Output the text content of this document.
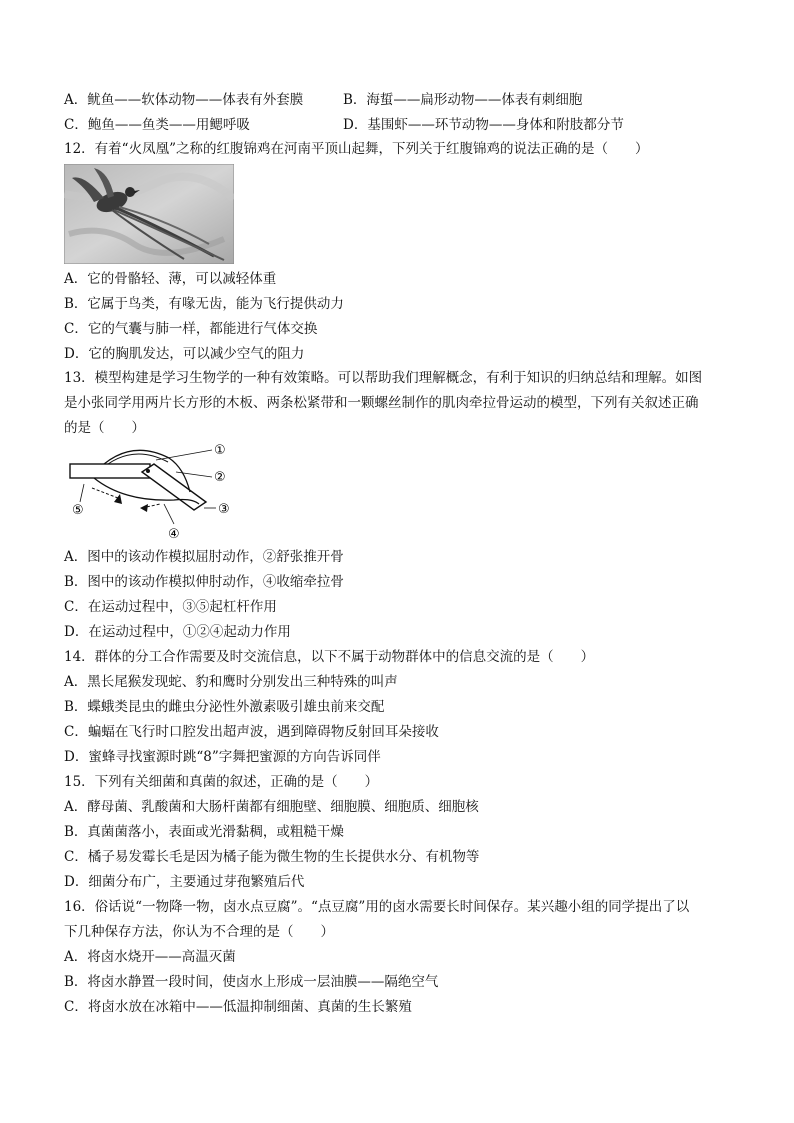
A．鱿鱼——软体动物——体表有外套膜	B．海蜇——扁形动物——体表有刺细胞
C．鲍鱼——鱼类——用鳃呼吸	D．基围虾——环节动物——身体和附肢都分节
12．有着“火凤凰”之称的红腹锦鸡在河南平顶山起舞，下列关于红腹锦鸡的说法正确的是（　　）
A．它的骨骼轻、薄，可以减轻体重
B．它属于鸟类，有喙无齿，能为飞行提供动力
C．它的气囊与肺一样，都能进行气体交换
D．它的胸肌发达，可以减少空气的阻力
13．模型构建是学习生物学的一种有效策略。可以帮助我们理解概念，有利于知识的归纳总结和理解。如图
是小张同学用两片长方形的木板、两条松紧带和一颗螺丝制作的肌肉牵拉骨运动的模型，下列有关叙述正确
的是（　　）
①
②
③
④
⑤
A．图中的该动作模拟屈肘动作，②舒张推开骨
B．图中的该动作模拟伸肘动作，④收缩牵拉骨
C．在运动过程中，③⑤起杠杆作用
D．在运动过程中，①②④起动力作用
14．群体的分工合作需要及时交流信息，以下不属于动物群体中的信息交流的是（　　）
A．黑长尾猴发现蛇、豹和鹰时分别发出三种特殊的叫声
B．蝶蛾类昆虫的雌虫分泌性外激素吸引雄虫前来交配
C．蝙蝠在飞行时口腔发出超声波，遇到障碍物反射回耳朵接收
D．蜜蜂寻找蜜源时跳“8”字舞把蜜源的方向告诉同伴
15．下列有关细菌和真菌的叙述，正确的是（　　）
A．酵母菌、乳酸菌和大肠杆菌都有细胞壁、细胞膜、细胞质、细胞核
B．真菌菌落小，表面或光滑黏稠，或粗糙干燥
C．橘子易发霉长毛是因为橘子能为微生物的生长提供水分、有机物等
D．细菌分布广，主要通过芽孢繁殖后代
16．俗话说“一物降一物，卤水点豆腐”。“点豆腐”用的卤水需要长时间保存。某兴趣小组的同学提出了以
下几种保存方法，你认为不合理的是（　　）
A．将卤水烧开——高温灭菌
B．将卤水静置一段时间，使卤水上形成一层油膜——隔绝空气
C．将卤水放在冰箱中——低温抑制细菌、真菌的生长繁殖
